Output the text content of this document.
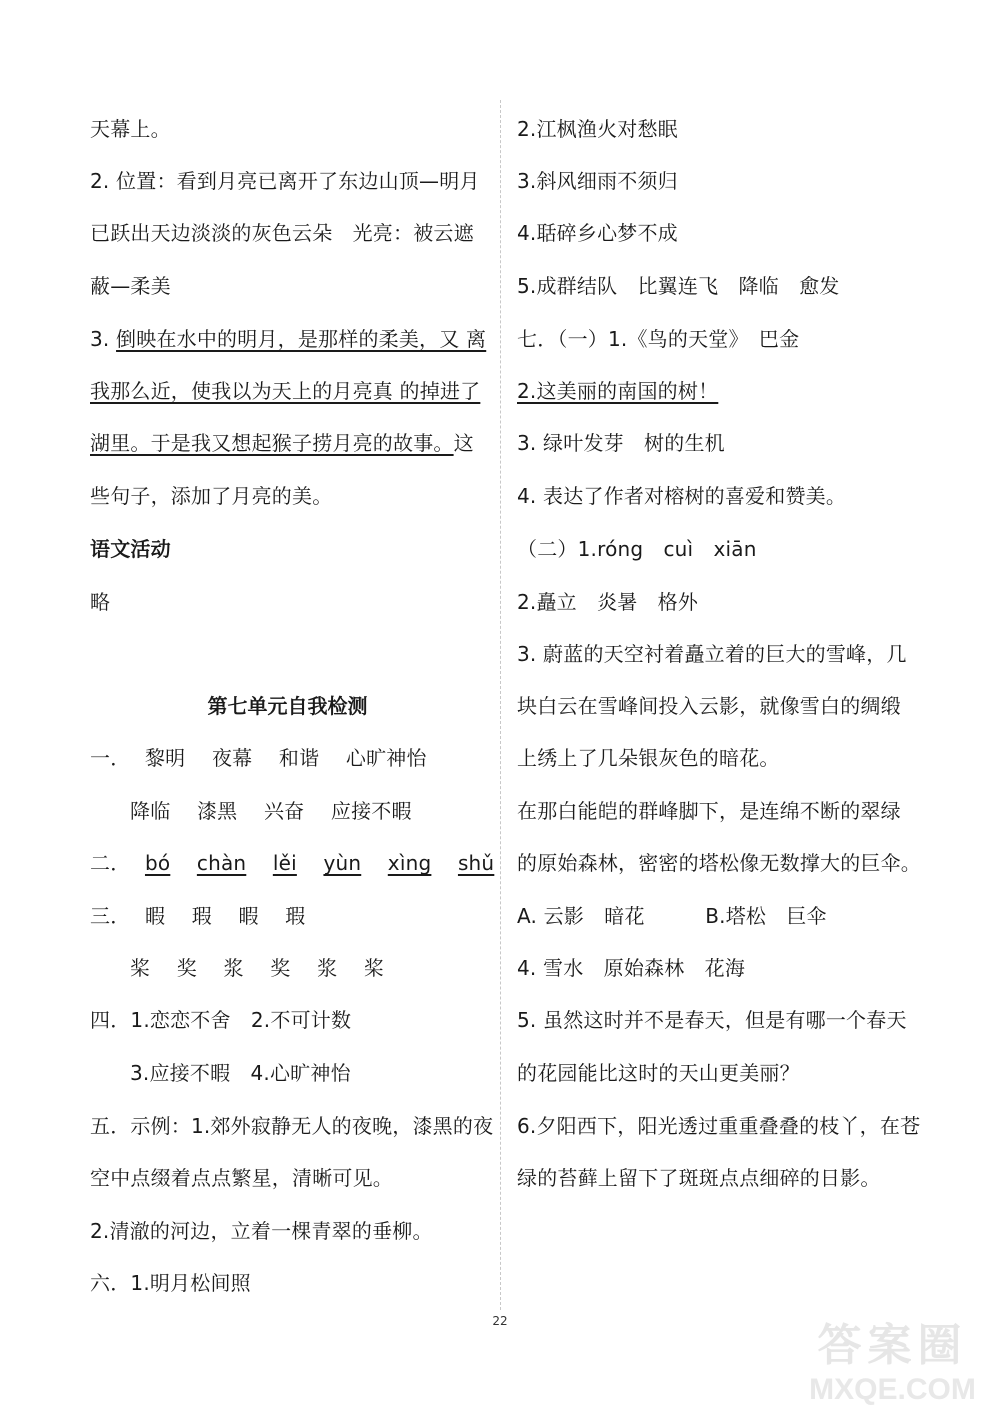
天幕上。
2. 位置：看到月亮已离开了东边山顶—明月
已跃出天边淡淡的灰色云朵　光亮：被云遮
蔽—柔美
3. 倒映在水中的明月，是那样的柔美，又 离
我那么近，使我以为天上的月亮真 的掉进了
湖里。于是我又想起猴子捞月亮的故事。这
些句子，添加了月亮的美。
语文活动
略
第七单元自我检测
一． 黎明 夜幕 和谐 心旷神怡
降临 漆黑 兴奋 应接不暇
二． bó chàn lěi yùn xìng shǔ
三． 暇 瑕 暇 瑕
桨 奖 浆 奖 浆 桨
四．1.恋恋不舍　2.不可计数
3.应接不暇　4.心旷神怡
五．示例：1.郊外寂静无人的夜晚，漆黑的夜
空中点缀着点点繁星，清晰可见。
2.清澈的河边，立着一棵青翠的垂柳。
六．1.明月松间照
2.江枫渔火对愁眠
3.斜风细雨不须归
4.聒碎乡心梦不成
5.成群结队　比翼连飞　降临　愈发
七．（一）1.《鸟的天堂》　巴金
2.这美丽的南国的树！
3. 绿叶发芽　树的生机
4. 表达了作者对榕树的喜爱和赞美。
（二）1.róng　cuì　xiān
2.矗立　炎暑　格外
3. 蔚蓝的天空衬着矗立着的巨大的雪峰，几
块白云在雪峰间投入云影，就像雪白的绸缎
上绣上了几朵银灰色的暗花。
在那白能皑的群峰脚下，是连绵不断的翠绿
的原始森林，密密的塔松像无数撑大的巨伞。
A. 云影　暗花　　　B.塔松　巨伞
4. 雪水　原始森林　花海
5. 虽然这时并不是春天，但是有哪一个春天
的花园能比这时的天山更美丽？
6.夕阳西下，阳光透过重重叠叠的枝丫，在苍
绿的苔藓上留下了斑斑点点细碎的日影。
22	答案圈
MXQE.COM
